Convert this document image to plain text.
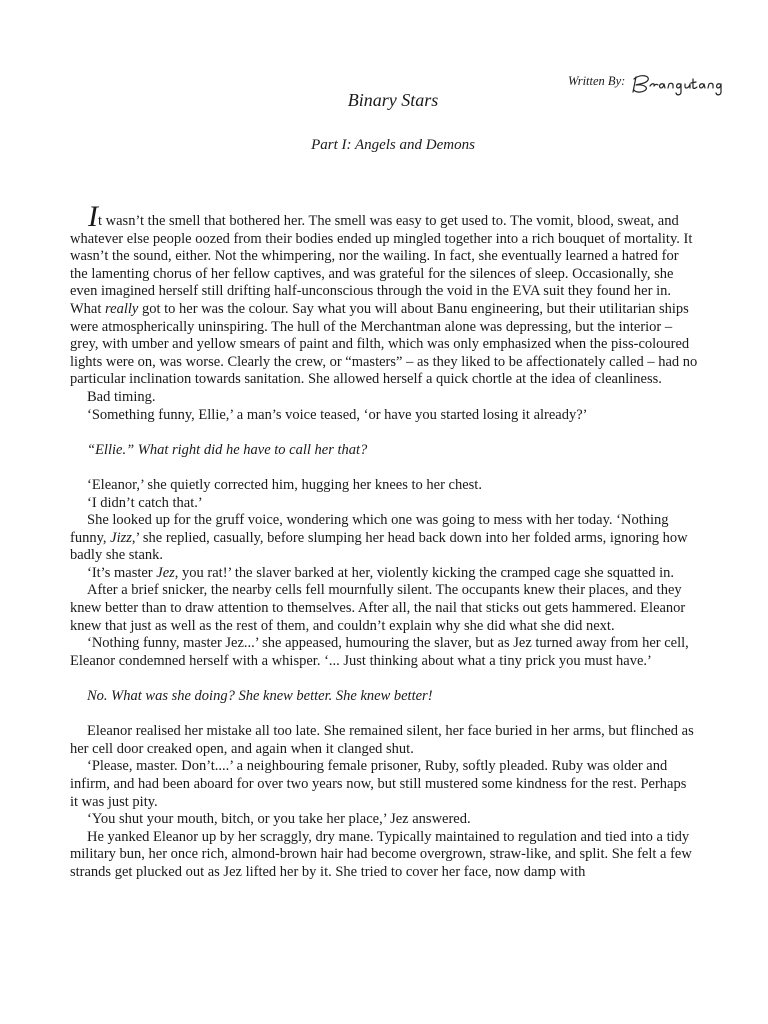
Written By:
Binary Stars
Part I: Angels and Demons

It wasn’t the smell that bothered her. The smell was easy to get used to. The vomit, blood, sweat, and whatever else people oozed from their bodies ended up mingled together into a rich bouquet of mortality. It wasn’t the sound, either. Not the whimpering, nor the wailing. In fact, she eventually learned a hatred for the lamenting chorus of her fellow captives, and was grateful for the silences of sleep. Occasionally, she even imagined herself still drifting half-unconscious through the void in the EVA suit they found her in. What really got to her was the colour. Say what you will about Banu engineering, but their utilitarian ships were atmospherically uninspiring. The hull of the Merchantman alone was depressing, but the interior – grey, with umber and yellow smears of paint and filth, which was only emphasized when the piss-coloured lights were on, was worse. Clearly the crew, or “masters” – as they liked to be affectionately called – had no particular inclination towards sanitation. She allowed herself a quick chortle at the idea of cleanliness.

Bad timing.

‘Something funny, Ellie,’ a man’s voice teased, ‘or have you started losing it already?’

“Ellie.” What right did he have to call her that?

‘Eleanor,’ she quietly corrected him, hugging her knees to her chest.

‘I didn’t catch that.’

She looked up for the gruff voice, wondering which one was going to mess with her today. ‘Nothing funny, Jizz,’ she replied, casually, before slumping her head back down into her folded arms, ignoring how badly she stank.

‘It’s master Jez, you rat!’ the slaver barked at her, violently kicking the cramped cage she squatted in.

After a brief snicker, the nearby cells fell mournfully silent. The occupants knew their places, and they knew better than to draw attention to themselves. After all, the nail that sticks out gets hammered. Eleanor knew that just as well as the rest of them, and couldn’t explain why she did what she did next.

‘Nothing funny, master Jez...’ she appeased, humouring the slaver, but as Jez turned away from her cell, Eleanor condemned herself with a whisper. ‘... Just thinking about what a tiny prick you must have.’

No. What was she doing? She knew better. She knew better!

Eleanor realised her mistake all too late. She remained silent, her face buried in her arms, but flinched as her cell door creaked open, and again when it clanged shut.

‘Please, master. Don’t....’ a neighbouring female prisoner, Ruby, softly pleaded. Ruby was older and infirm, and had been aboard for over two years now, but still mustered some kindness for the rest. Perhaps it was just pity.

‘You shut your mouth, bitch, or you take her place,’ Jez answered.

He yanked Eleanor up by her scraggly, dry mane. Typically maintained to regulation and tied into a tidy military bun, her once rich, almond-brown hair had become overgrown, straw-like, and split. She felt a few strands get plucked out as Jez lifted her by it. She tried to cover her face, now damp with
